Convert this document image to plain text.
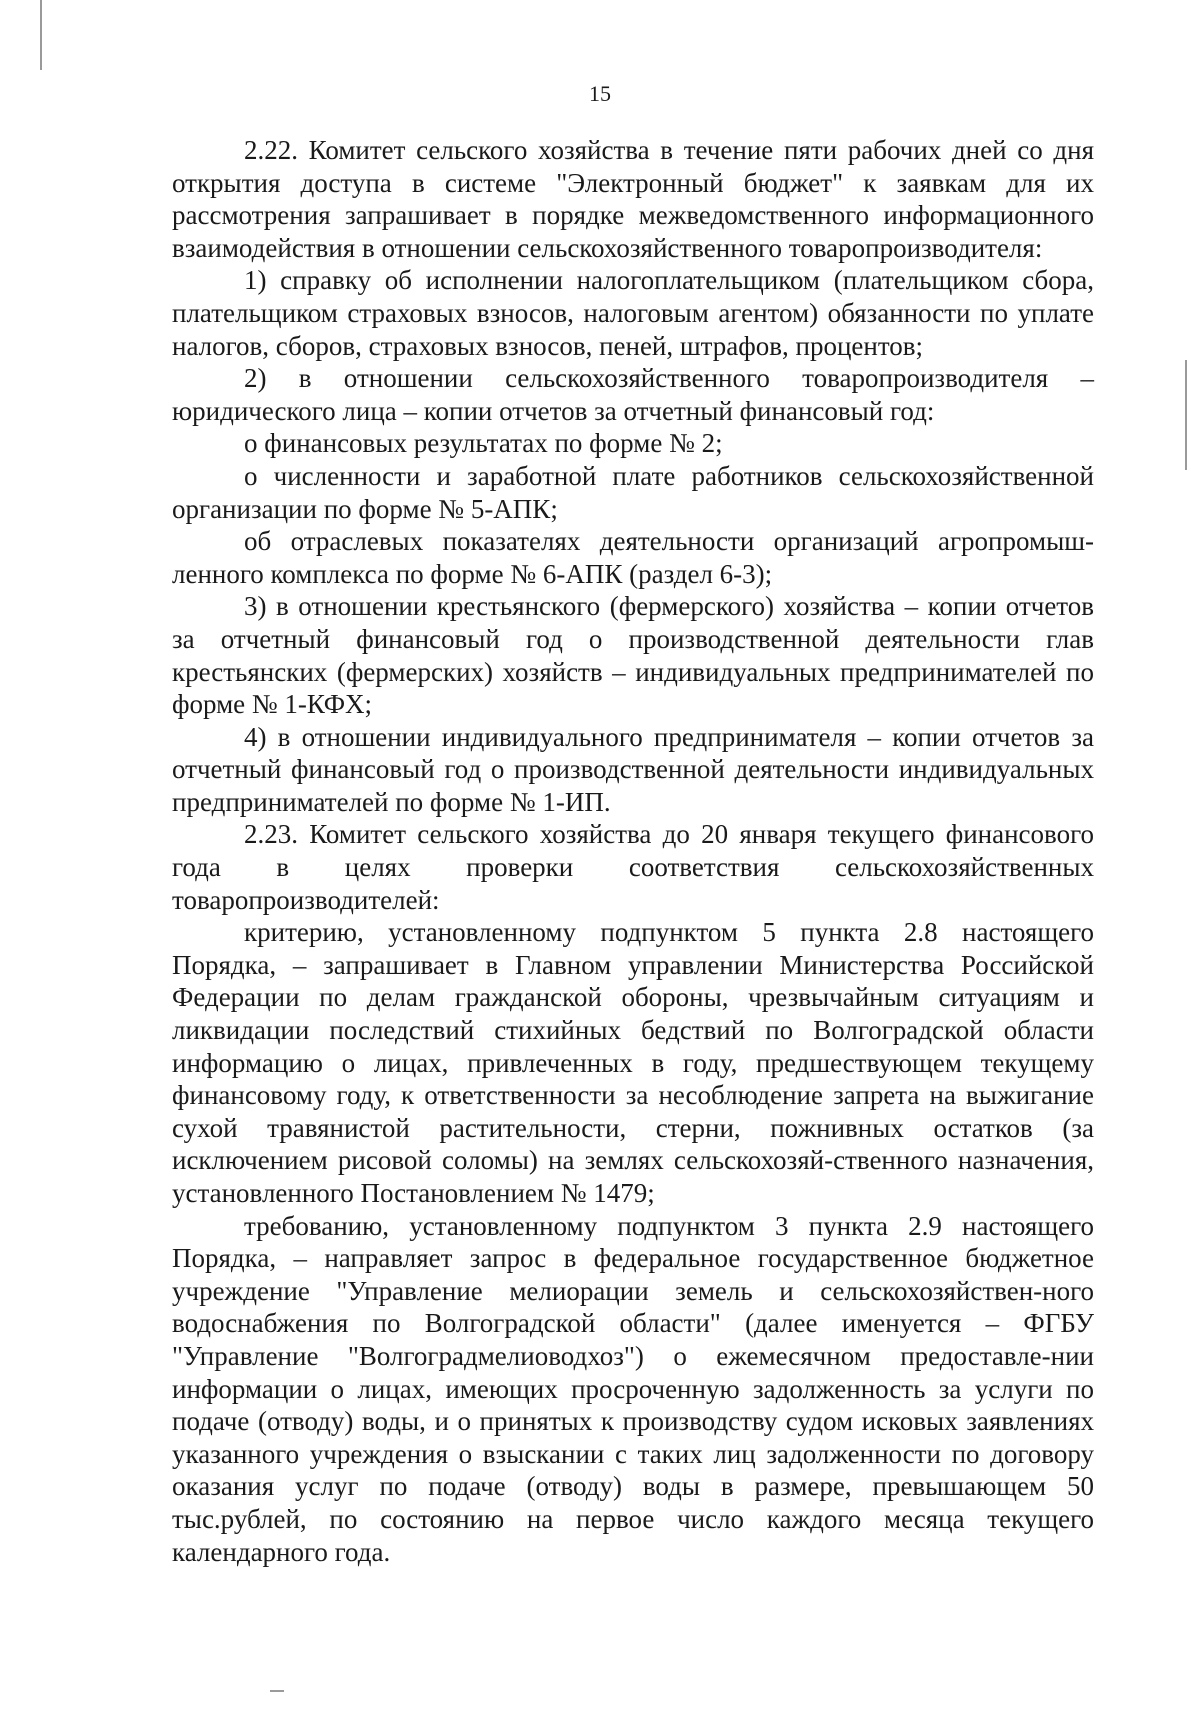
15

2.22. Комитет сельского хозяйства в течение пяти рабочих дней со дня открытия доступа в системе "Электронный бюджет" к заявкам для их рассмотрения запрашивает в порядке межведомственного информационного взаимодействия в отношении сельскохозяйственного товаропроизводителя:

1) справку об исполнении налогоплательщиком (плательщиком сбора, плательщиком страховых взносов, налоговым агентом) обязанности по уплате налогов, сборов, страховых взносов, пеней, штрафов, процентов;

2) в отношении сельскохозяйственного товаропроизводителя – юридического лица – копии отчетов за отчетный финансовый год:

о финансовых результатах по форме № 2;

о численности и заработной плате работников сельскохозяйственной организации по форме № 5-АПК;

об отраслевых показателях деятельности организаций агропромыш-ленного комплекса по форме № 6-АПК (раздел 6-3);

3) в отношении крестьянского (фермерского) хозяйства – копии отчетов за отчетный финансовый год о производственной деятельности глав крестьянских (фермерских) хозяйств – индивидуальных предпринимателей по форме № 1-КФХ;

4) в отношении индивидуального предпринимателя – копии отчетов за отчетный финансовый год о производственной деятельности индивидуальных предпринимателей по форме № 1-ИП.

2.23. Комитет сельского хозяйства до 20 января текущего финансового года в целях проверки соответствия сельскохозяйственных товаропроизводителей:

критерию, установленному подпунктом 5 пункта 2.8 настоящего Порядка, – запрашивает в Главном управлении Министерства Российской Федерации по делам гражданской обороны, чрезвычайным ситуациям и ликвидации последствий стихийных бедствий по Волгоградской области информацию о лицах, привлеченных в году, предшествующем текущему финансовому году, к ответственности за несоблюдение запрета на выжигание сухой травянистой растительности, стерни, пожнивных остатков (за исключением рисовой соломы) на землях сельскохозяй-ственного назначения, установленного Постановлением № 1479;

требованию, установленному подпунктом 3 пункта 2.9 настоящего Порядка, – направляет запрос в федеральное государственное бюджетное учреждение "Управление мелиорации земель и сельскохозяйствен-ного водоснабжения по Волгоградской области" (далее именуется – ФГБУ "Управление "Волгоградмелиоводхоз") о ежемесячном предоставле-нии информации о лицах, имеющих просроченную задолженность за услуги по подаче (отводу) воды, и о принятых к производству судом исковых заявлениях указанного учреждения о взыскании с таких лиц задолженности по договору оказания услуг по подаче (отводу) воды в размере, превышающем 50 тыс.рублей, по состоянию на первое число каждого месяца текущего календарного года.
